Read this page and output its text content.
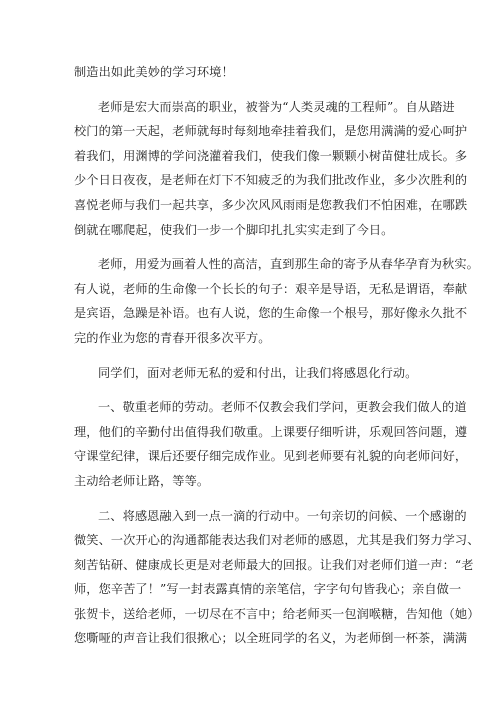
制造出如此美妙的学习环境！
老师是宏大而崇高的职业，被誉为“人类灵魂的工程师”。自从踏进
校门的第一天起，老师就每时每刻地牵挂着我们，是您用满满的爱心呵护
着我们，用渊博的学问浇灌着我们，使我们像一颗颗小树苗健壮成长。多
少个日日夜夜，是老师在灯下不知疲乏的为我们批改作业，多少次胜利的
喜悦老师与我们一起共享，多少次风风雨雨是您教我们不怕困难，在哪跌
倒就在哪爬起，使我们一步一个脚印扎扎实实走到了今日。
老师，用爱为画着人性的高洁，直到那生命的寄予从春华孕育为秋实。
有人说，老师的生命像一个长长的句子：艰辛是导语，无私是谓语，奉献
是宾语，急躁是补语。也有人说，您的生命像一个根号，那好像永久批不
完的作业为您的青春开很多次平方。
同学们，面对老师无私的爱和付出，让我们将感恩化行动。
一、敬重老师的劳动。老师不仅教会我们学问，更教会我们做人的道
理，他们的辛勤付出值得我们敬重。上课要仔细听讲，乐观回答问题，遵
守课堂纪律，课后还要仔细完成作业。见到老师要有礼貌的向老师问好，
主动给老师让路，等等。
二、将感恩融入到一点一滴的行动中。一句亲切的问候、一个感谢的
微笑、一次开心的沟通都能表达我们对老师的感恩，尤其是我们努力学习、
刻苦钻研、健康成长更是对老师最大的回报。让我们对老师们道一声：“老
师，您辛苦了！”写一封表露真情的亲笔信，字字句句皆我心；亲自做一
张贺卡，送给老师，一切尽在不言中；给老师买一包润喉糖，告知他（她）
您嘶哑的声音让我们很揪心；以全班同学的名义，为老师倒一杯茶，满满
